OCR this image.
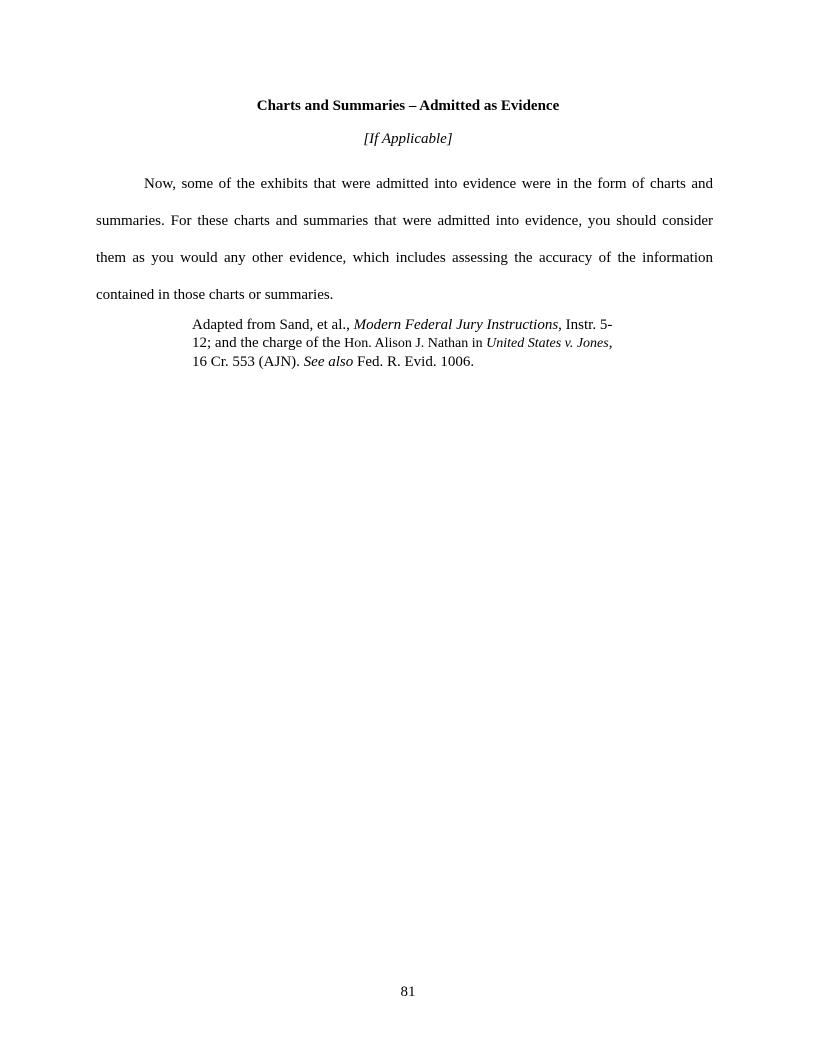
Charts and Summaries – Admitted as Evidence
[If Applicable]

Now, some of the exhibits that were admitted into evidence were in the form of charts and summaries. For these charts and summaries that were admitted into evidence, you should consider them as you would any other evidence, which includes assessing the accuracy of the information contained in those charts or summaries.

Adapted from Sand, et al., Modern Federal Jury Instructions, Instr. 5-12; and the charge of the Hon. Alison J. Nathan in United States v. Jones, 16 Cr. 553 (AJN). See also Fed. R. Evid. 1006.

81
